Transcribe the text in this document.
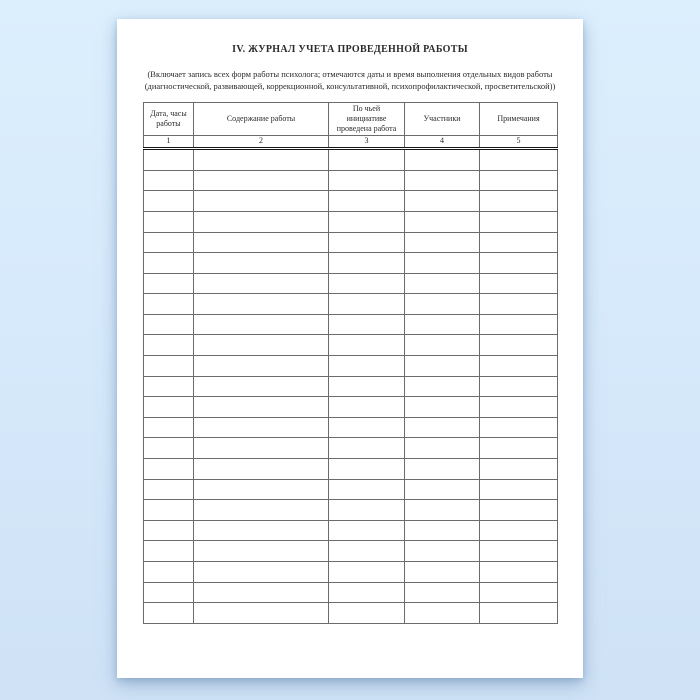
IV. ЖУРНАЛ УЧЕТА ПРОВЕДЕННОЙ РАБОТЫ
(Включает запись всех форм работы психолога; отмечаются даты и время выполнения отдельных видов работы (диагностической, развивающей, коррекционной, консультативной, психопрофилактической, просветительской))
Дата, часы работы	Содержание работы	По чьей инициативе проведена работа	Участники	Примечания
1	2	3	4	5
